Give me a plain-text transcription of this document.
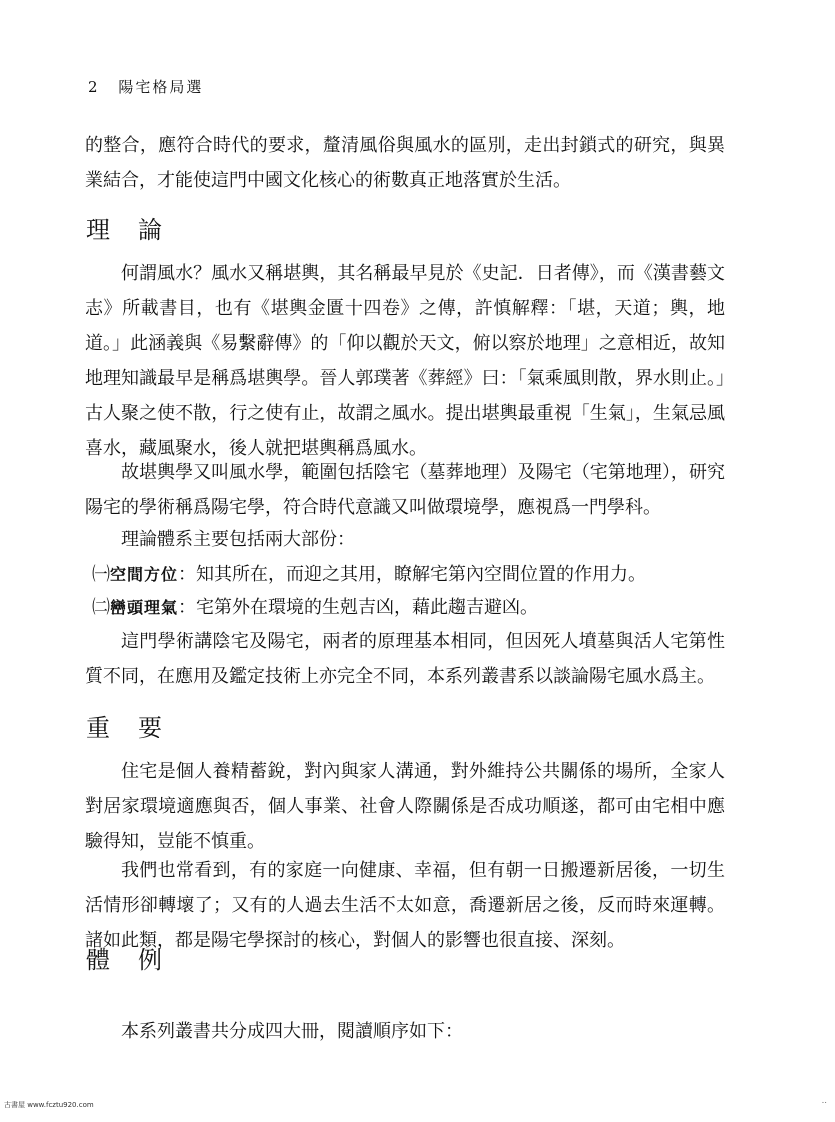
2 陽宅格局選

的整合，應符合時代的要求，釐清風俗與風水的區別，走出封鎖式的研究，與異業結合，才能使這門中國文化核心的術數真正地落實於生活。

理論

何謂風水？風水又稱堪輿，其名稱最早見於《史記．日者傳》，而《漢書藝文志》所載書目，也有《堪輿金匱十四卷》之傳，許慎解釋：「堪，天道；輿，地道。」此涵義與《易繫辭傳》的「仰以觀於天文，俯以察於地理」之意相近，故知地理知識最早是稱爲堪輿學。晉人郭璞著《葬經》曰：「氣乘風則散，界水則止。」古人聚之使不散，行之使有止，故謂之風水。提出堪輿最重視「生氣」，生氣忌風喜水，藏風聚水，後人就把堪輿稱爲風水。

故堪輿學又叫風水學，範圍包括陰宅（墓葬地理）及陽宅（宅第地理），研究陽宅的學術稱爲陽宅學，符合時代意識又叫做環境學，應視爲一門學科。

理論體系主要包括兩大部份：

㈠空間方位：知其所在，而迎之其用，瞭解宅第內空間位置的作用力。

㈡巒頭理氣：宅第外在環境的生剋吉凶，藉此趨吉避凶。

這門學術講陰宅及陽宅，兩者的原理基本相同，但因死人墳墓與活人宅第性質不同，在應用及鑑定技術上亦完全不同，本系列叢書系以談論陽宅風水爲主。

重要

住宅是個人養精蓄銳，對內與家人溝通，對外維持公共關係的場所，全家人對居家環境適應與否，個人事業、社會人際關係是否成功順遂，都可由宅相中應驗得知，豈能不慎重。

我們也常看到，有的家庭一向健康、幸福，但有朝一日搬遷新居後，一切生活情形卻轉壞了；又有的人過去生活不太如意，喬遷新居之後，反而時來運轉。諸如此類，都是陽宅學探討的核心，對個人的影響也很直接、深刻。

體例

本系列叢書共分成四大冊，閱讀順序如下：

古書屋 www.fcztu920.com	‥
